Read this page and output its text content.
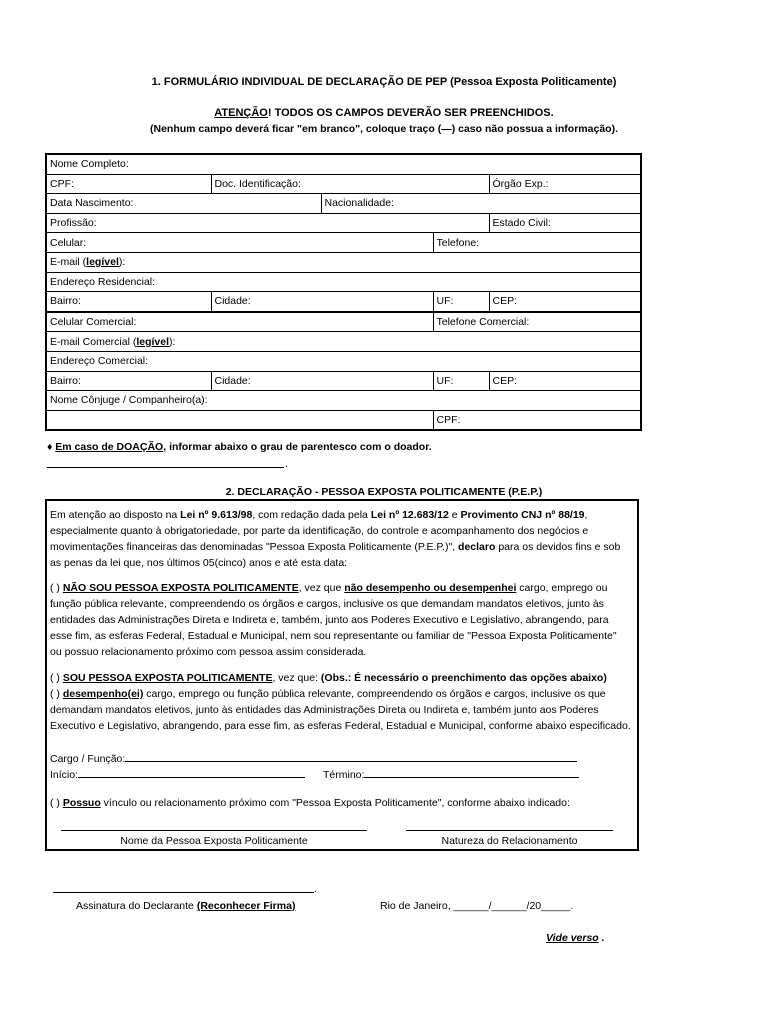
1. FORMULÁRIO INDIVIDUAL DE DECLARAÇÃO DE PEP (Pessoa Exposta Politicamente)
ATENÇÃO! TODOS OS CAMPOS DEVERÃO SER PREENCHIDOS.
(Nenhum campo deverá ficar "em branco", coloque traço (—) caso não possua a informação).
Nome Completo:				
CPF:	Doc. Identificação:			Órgão Exp.:
Data Nascimento:		Nacionalidade:		
Profissão:				Estado Civil:
Celular:			Telefone:	
E-mail (legível):				
Endereço Residencial:				
Bairro:	Cidade:		UF:	CEP:
Celular Comercial:			Telefone Comercial:	
E-mail Comercial (legível):				
Endereço Comercial:				
Bairro:	Cidade:		UF:	CEP:
Nome Cônjuge / Companheiro(a):				
			CPF:	
♦ Em caso de DOAÇÃO, informar abaixo o grau de parentesco com o doador.
.
2. DECLARAÇÃO - PESSOA EXPOSTA POLITICAMENTE (P.E.P.)
Em atenção ao disposto na Lei nº 9.613/98, com redação dada pela Lei nº 12.683/12 e Provimento CNJ nº 88/19,
especialmente quanto à obrigatoriedade, por parte da identificação, do controle e acompanhamento dos negócios e
movimentações financeiras das denominadas "Pessoa Exposta Politicamente (P.E.P.)", declaro para os devidos fins e sob
as penas da lei que, nos últimos 05(cinco) anos e até esta data:
( ) NÃO SOU PESSOA EXPOSTA POLITICAMENTE, vez que não desempenho ou desempenhei cargo, emprego ou
função pública relevante, compreendendo os órgãos e cargos, inclusive os que demandam mandatos eletivos, junto às
entidades das Administrações Direta e Indireta e, também, junto aos Poderes Executivo e Legislativo, abrangendo, para
esse fim, as esferas Federal, Estadual e Municipal, nem sou representante ou familiar de "Pessoa Exposta Politicamente"
ou possuo relacionamento próximo com pessoa assim considerada.
( ) SOU PESSOA EXPOSTA POLITICAMENTE, vez que: (Obs.: É necessário o preenchimento das opções abaixo)
( ) desempenho(ei) cargo, emprego ou função pública relevante, compreendendo os órgãos e cargos, inclusive os que
demandam mandatos eletivos, junto às entidades das Administrações Direta ou Indireta e, também junto aos Poderes
Executivo e Legislativo, abrangendo, para esse fim, as esferas Federal, Estadual e Municipal, conforme abaixo especificado.
Cargo / Função:
Início:	Término:
( ) Possuo vínculo ou relacionamento próximo com "Pessoa Exposta Politicamente", conforme abaixo indicado:
Nome da Pessoa Exposta Politicamente	Natureza do Relacionamento
.
Assinatura do Declarante (Reconhecer Firma)	Rio de Janeiro, ______/______/20_____.
Vide verso .
